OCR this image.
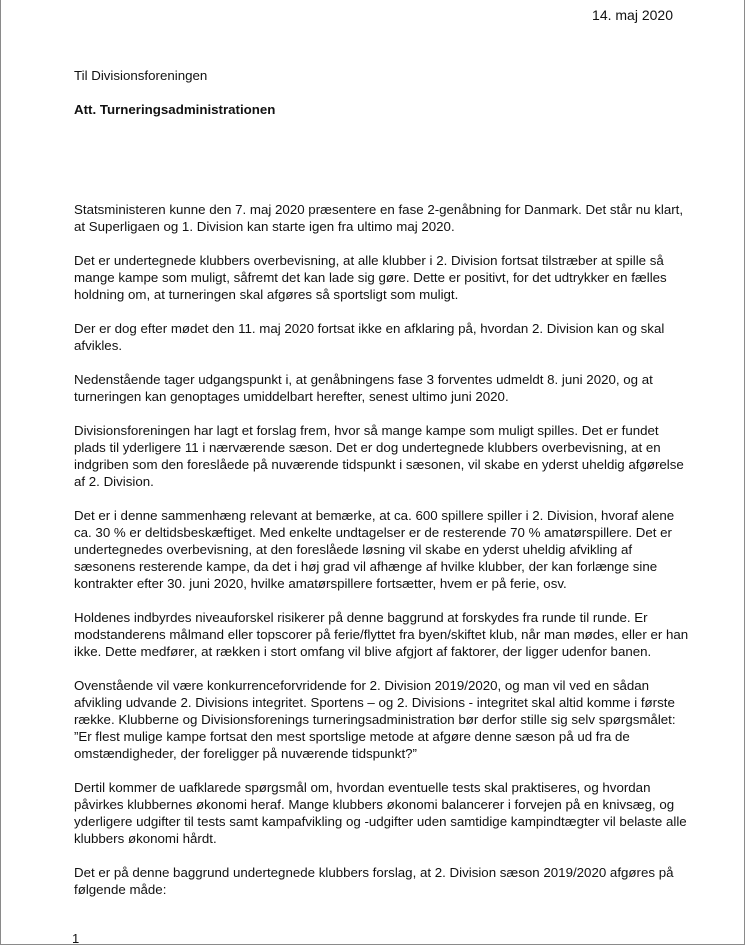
14. maj 2020
Til Divisionsforeningen
Att. Turneringsadministrationen

Statsministeren kunne den 7. maj 2020 præsentere en fase 2-genåbning for Danmark. Det står nu klart, at Superligaen og 1. Division kan starte igen fra ultimo maj 2020.

Det er undertegnede klubbers overbevisning, at alle klubber i 2. Division fortsat tilstræber at spille så mange kampe som muligt, såfremt det kan lade sig gøre. Dette er positivt, for det udtrykker en fælles holdning om, at turneringen skal afgøres så sportsligt som muligt.

Der er dog efter mødet den 11. maj 2020 fortsat ikke en afklaring på, hvordan 2. Division kan og skal afvikles.

Nedenstående tager udgangspunkt i, at genåbningens fase 3 forventes udmeldt 8. juni 2020, og at turneringen kan genoptages umiddelbart herefter, senest ultimo juni 2020.

Divisionsforeningen har lagt et forslag frem, hvor så mange kampe som muligt spilles. Det er fundet plads til yderligere 11 i nærværende sæson. Det er dog undertegnede klubbers overbevisning, at en indgriben som den foreslåede på nuværende tidspunkt i sæsonen, vil skabe en yderst uheldig afgørelse af 2. Division.

Det er i denne sammenhæng relevant at bemærke, at ca. 600 spillere spiller i 2. Division, hvoraf alene ca. 30 % er deltidsbeskæftiget. Med enkelte undtagelser er de resterende 70 % amatørspillere. Det er undertegnedes overbevisning, at den foreslåede løsning vil skabe en yderst uheldig afvikling af sæsonens resterende kampe, da det i høj grad vil afhænge af hvilke klubber, der kan forlænge sine kontrakter efter 30. juni 2020, hvilke amatørspillere fortsætter, hvem er på ferie, osv.

Holdenes indbyrdes niveauforskel risikerer på denne baggrund at forskydes fra runde til runde. Er modstanderens målmand eller topscorer på ferie/flyttet fra byen/skiftet klub, når man mødes, eller er han ikke. Dette medfører, at rækken i stort omfang vil blive afgjort af faktorer, der ligger udenfor banen.

Ovenstående vil være konkurrenceforvridende for 2. Division 2019/2020, og man vil ved en sådan afvikling udvande 2. Divisions integritet. Sportens – og 2. Divisions - integritet skal altid komme i første række. Klubberne og Divisionsforenings turneringsadministration bør derfor stille sig selv spørgsmålet: ”Er flest mulige kampe fortsat den mest sportslige metode at afgøre denne sæson på ud fra de omstændigheder, der foreligger på nuværende tidspunkt?”

Dertil kommer de uafklarede spørgsmål om, hvordan eventuelle tests skal praktiseres, og hvordan påvirkes klubbernes økonomi heraf. Mange klubbers økonomi balancerer i forvejen på en knivsæg, og yderligere udgifter til tests samt kampafvikling og -udgifter uden samtidige kampindtægter vil belaste alle klubbers økonomi hårdt.

Det er på denne baggrund undertegnede klubbers forslag, at 2. Division sæson 2019/2020 afgøres på følgende måde:

1
